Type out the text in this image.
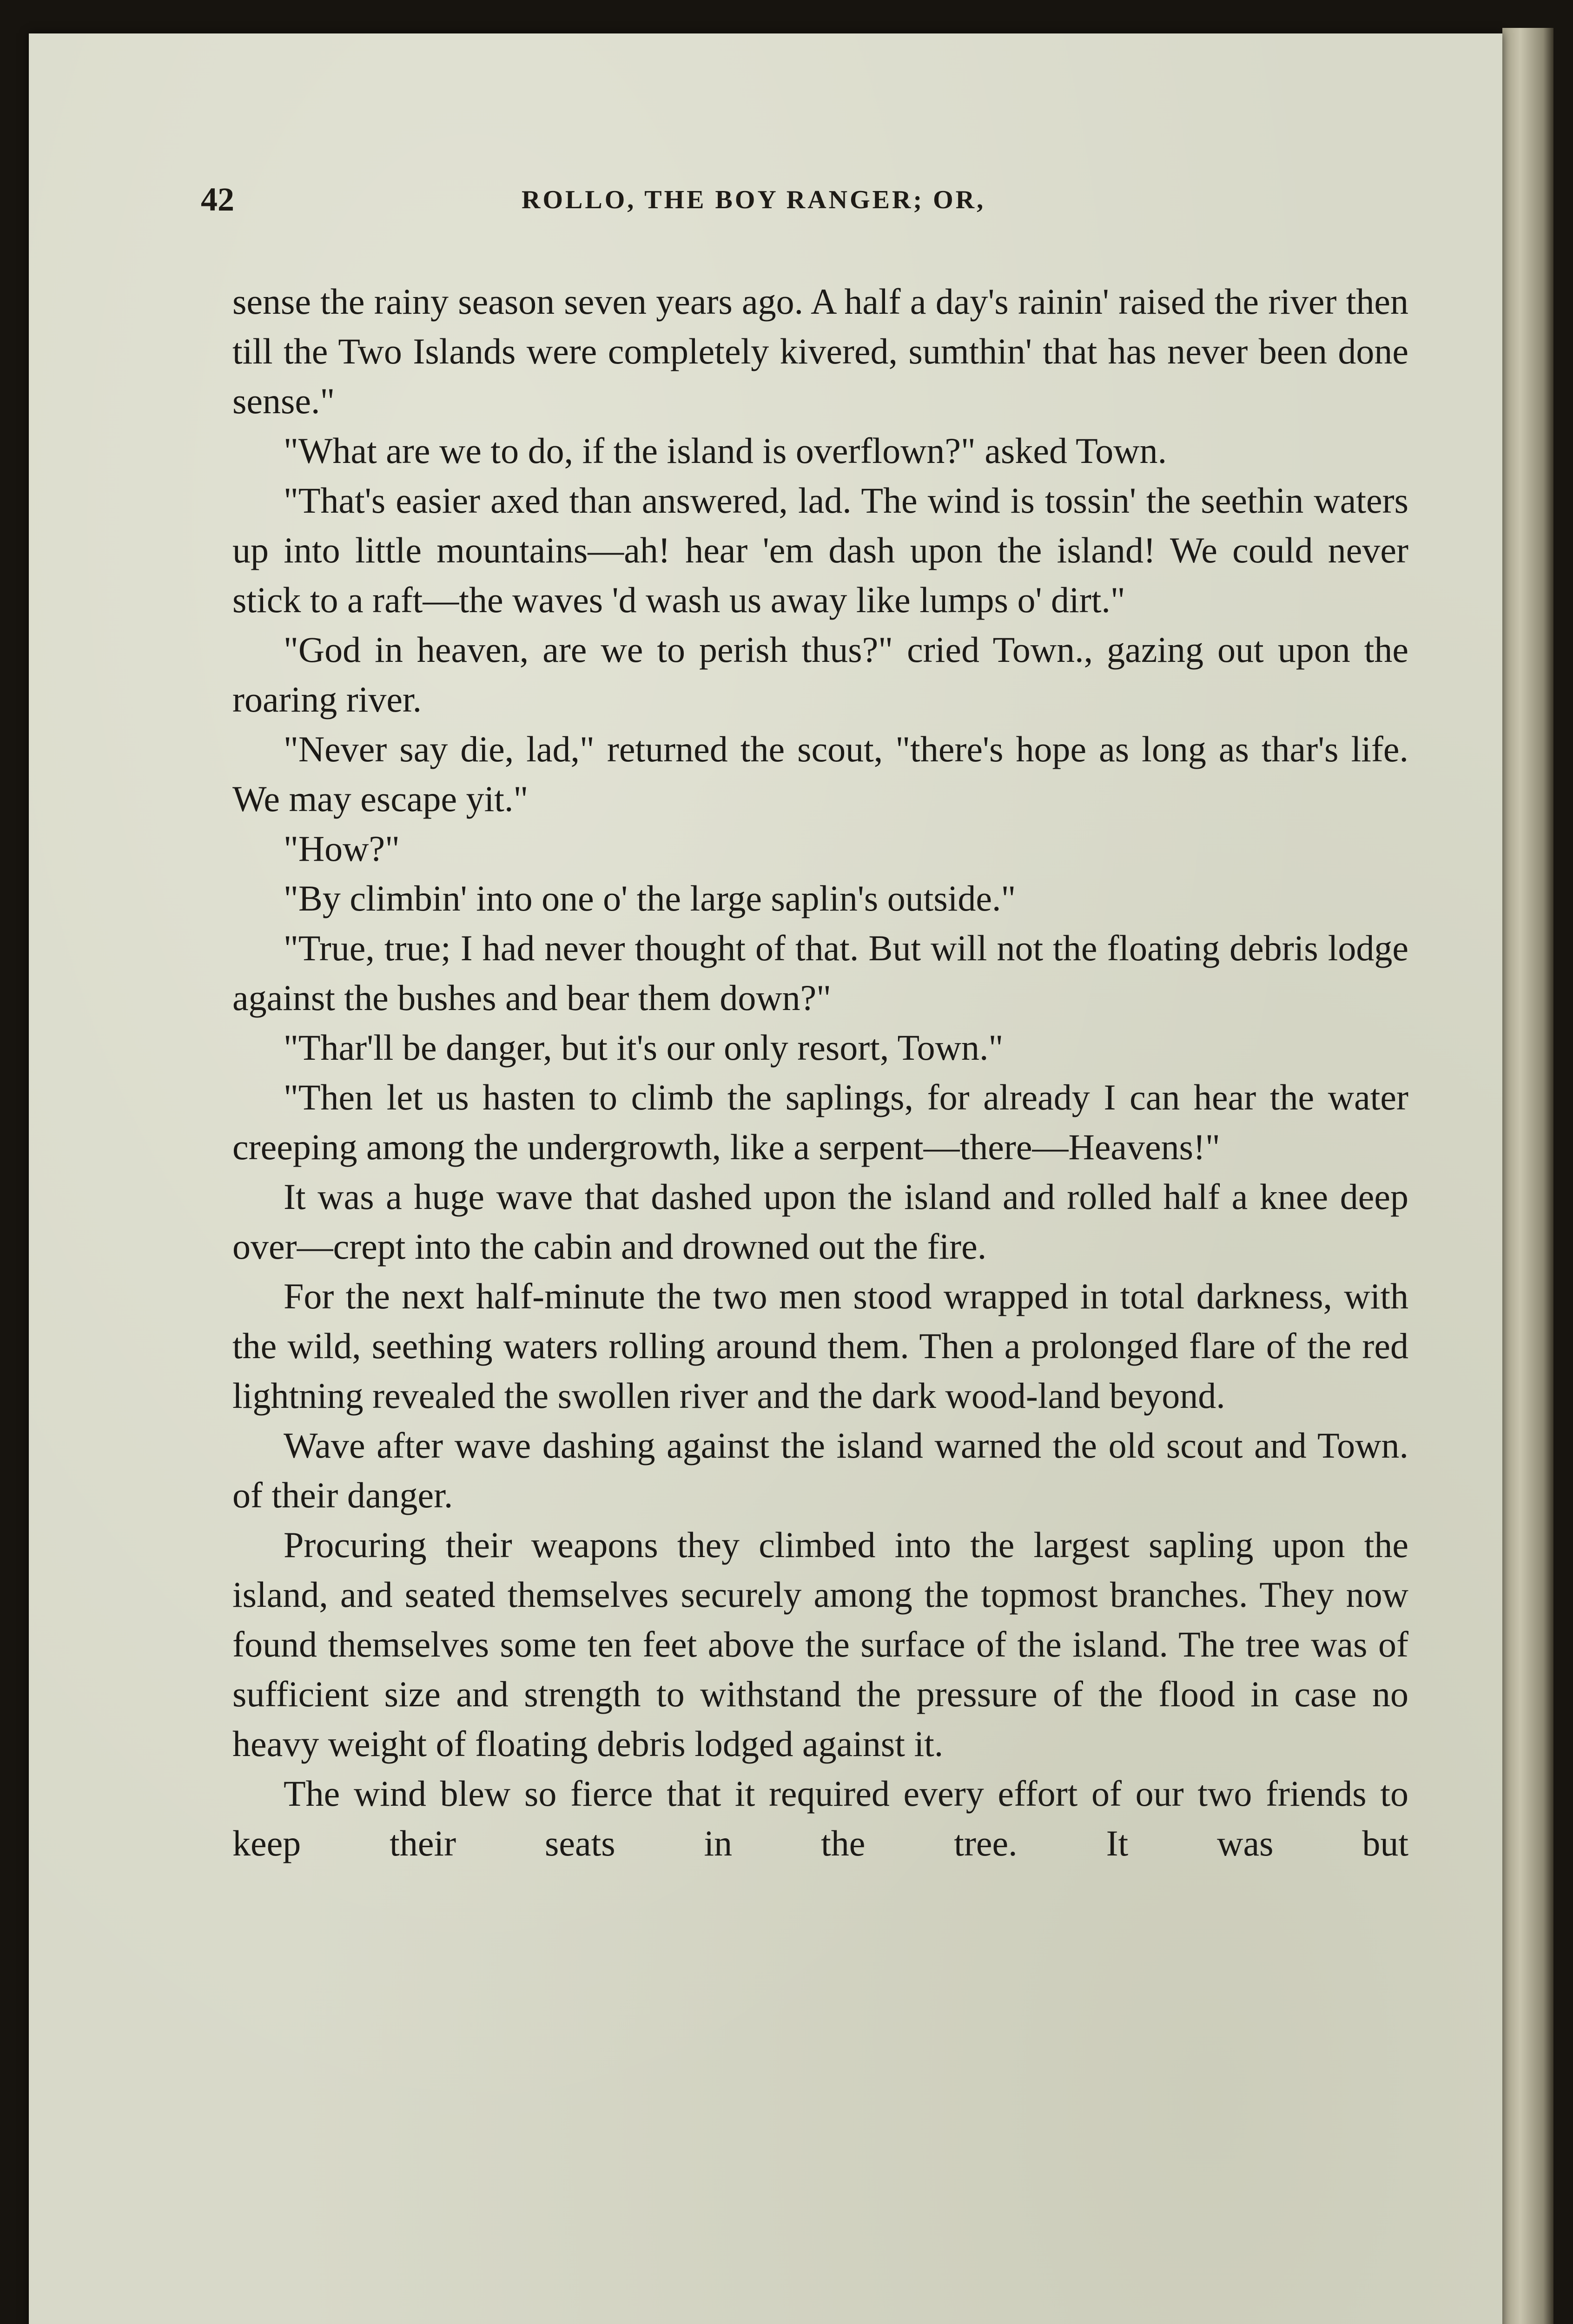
42	ROLLO, THE BOY RANGER; OR,

sense the rainy season seven years ago. A half a day's rainin' raised the river then till the Two Islands were completely kivered, sumthin' that has never been done sense."

"What are we to do, if the island is overflown?" asked Town.

"That's easier axed than answered, lad. The wind is tossin' the seethin waters up into little mountains—ah! hear 'em dash upon the island! We could never stick to a raft—the waves 'd wash us away like lumps o' dirt."

"God in heaven, are we to perish thus?" cried Town., gazing out upon the roaring river.

"Never say die, lad," returned the scout, "there's hope as long as thar's life. We may escape yit."

"How?"

"By climbin' into one o' the large saplin's outside."

"True, true; I had never thought of that. But will not the floating debris lodge against the bushes and bear them down?"

"Thar'll be danger, but it's our only resort, Town."

"Then let us hasten to climb the saplings, for already I can hear the water creeping among the undergrowth, like a serpent—there—Heavens!"

It was a huge wave that dashed upon the island and rolled half a knee deep over—crept into the cabin and drowned out the fire.

For the next half-minute the two men stood wrapped in total darkness, with the wild, seething waters rolling around them. Then a prolonged flare of the red lightning revealed the swollen river and the dark wood-land beyond.

Wave after wave dashing against the island warned the old scout and Town. of their danger.

Procuring their weapons they climbed into the largest sapling upon the island, and seated themselves securely among the topmost branches. They now found themselves some ten feet above the surface of the island. The tree was of sufficient size and strength to withstand the pressure of the flood in case no heavy weight of floating debris lodged against it.

The wind blew so fierce that it required every effort of our two friends to keep their seats in the tree. It was but
